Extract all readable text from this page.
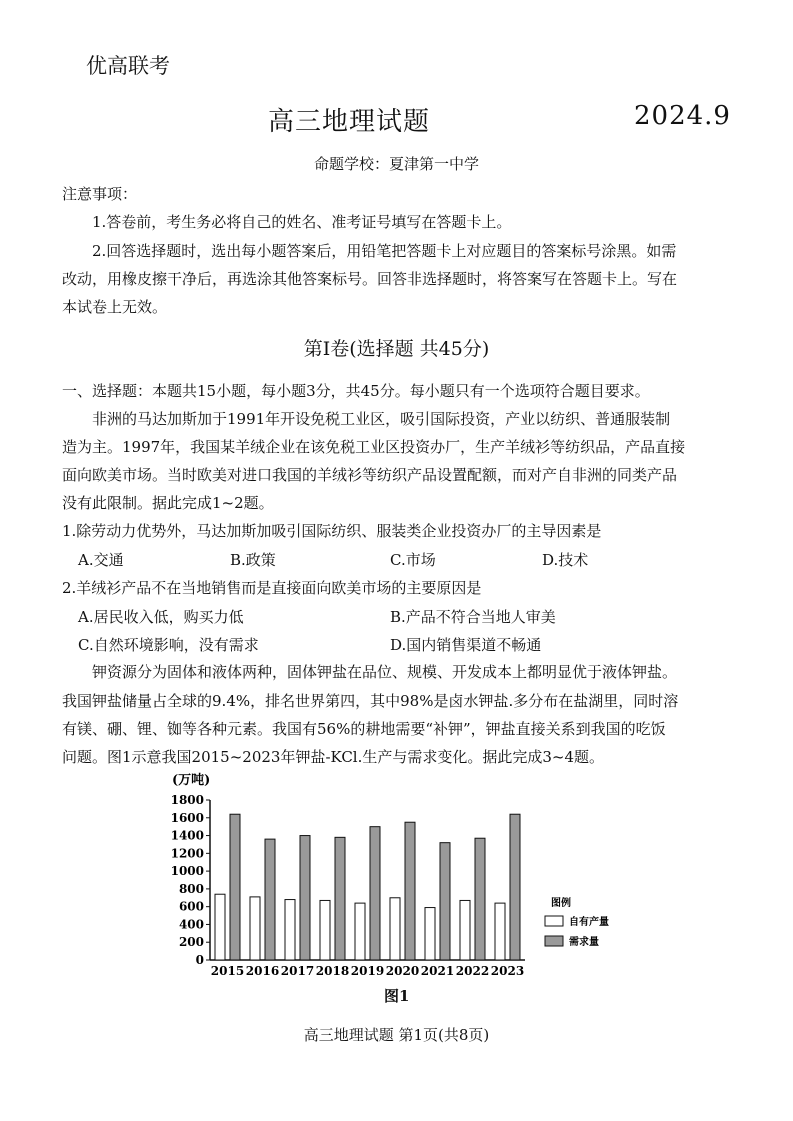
优高联考
高三地理试题	2024.9
命题学校：夏津第一中学
注意事项：
1.答卷前，考生务必将自己的姓名、准考证号填写在答题卡上。
2.回答选择题时，选出每小题答案后，用铅笔把答题卡上对应题目的答案标号涂黑。如需
改动，用橡皮擦干净后，再选涂其他答案标号。回答非选择题时，将答案写在答题卡上。写在
本试卷上无效。
第Ⅰ卷(选择题 共45分)
一、选择题：本题共15小题，每小题3分，共45分。每小题只有一个选项符合题目要求。
非洲的马达加斯加于1991年开设免税工业区，吸引国际投资，产业以纺织、普通服装制
造为主。1997年，我国某羊绒企业在该免税工业区投资办厂，生产羊绒衫等纺织品，产品直接
面向欧美市场。当时欧美对进口我国的羊绒衫等纺织产品设置配额，而对产自非洲的同类产品
没有此限制。据此完成1~2题。
1.除劳动力优势外，马达加斯加吸引国际纺织、服装类企业投资办厂的主导因素是
A.交通	B.政策	C.市场	D.技术
2.羊绒衫产品不在当地销售而是直接面向欧美市场的主要原因是
A.居民收入低，购买力低	B.产品不符合当地人审美
C.自然环境影响，没有需求	D.国内销售渠道不畅通
钾资源分为固体和液体两种，固体钾盐在品位、规模、开发成本上都明显优于液体钾盐。
我国钾盐储量占全球的9.4%，排名世界第四，其中98%是卤水钾盐.多分布在盐湖里，同时溶
有镁、硼、锂、铷等各种元素。我国有56%的耕地需要“补钾”，钾盐直接关系到我国的吃饭
问题。图1示意我国2015~2023年钾盐-KCl.生产与需求变化。据此完成3~4题。
(万吨)
0
200
400
600
800
1000
1200
1400
1600
1800
2015 2016 2017 2018 2019 2020 2021 2022 2023
图例
自有产量
需求量
图1
高三地理试题 第1页(共8页)
